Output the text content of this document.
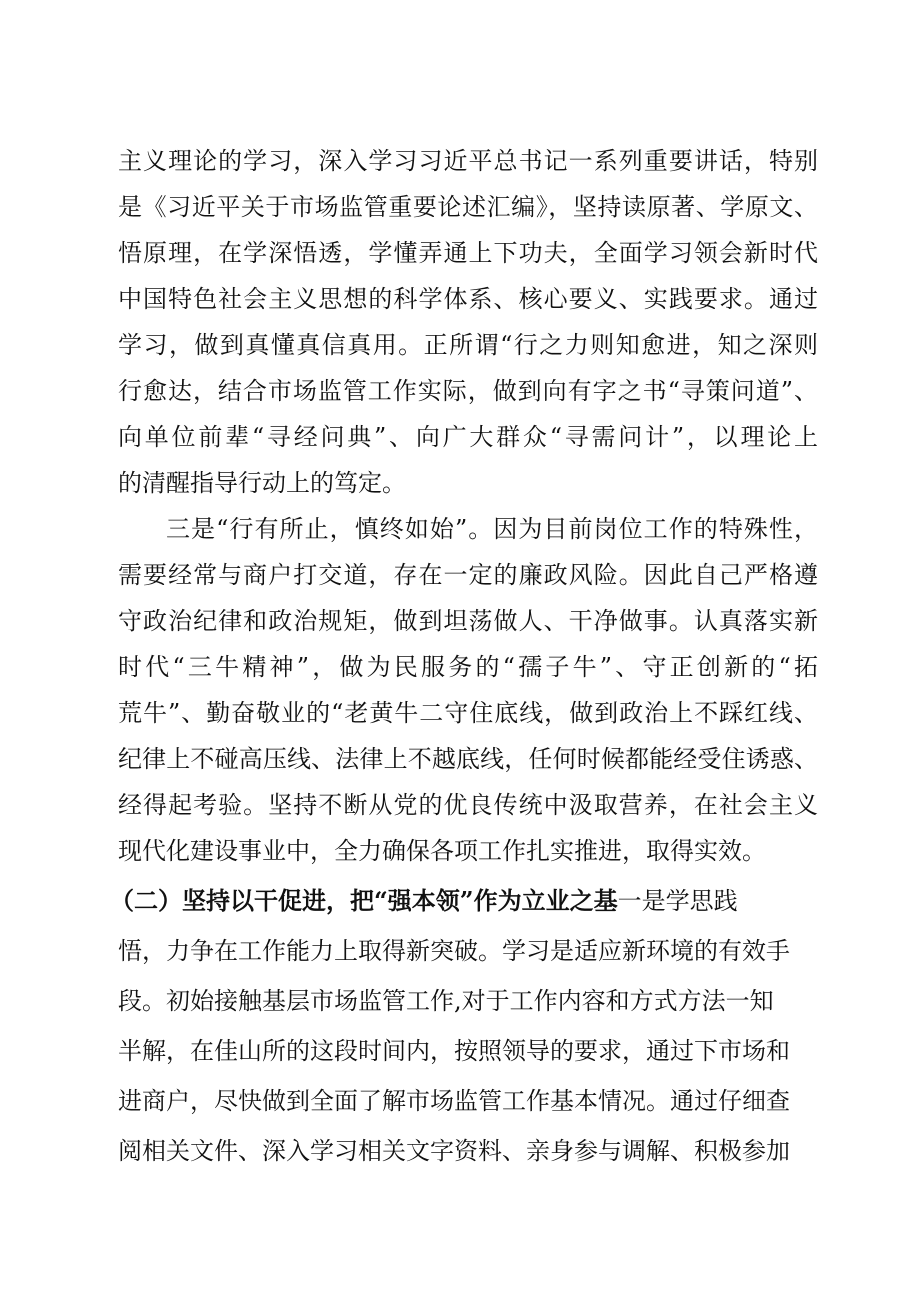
主义理论的学习，深入学习习近平总书记一系列重要讲话，特别
是《习近平关于市场监管重要论述汇编》，坚持读原著、学原文、
悟原理，在学深悟透，学懂弄通上下功夫，全面学习领会新时代
中国特色社会主义思想的科学体系、核心要义、实践要求。通过
学习，做到真懂真信真用。正所谓“行之力则知愈进，知之深则
行愈达，结合市场监管工作实际，做到向有字之书“寻策问道”、
向单位前辈“寻经问典”、向广大群众“寻需问计”，以理论上
的清醒指导行动上的笃定。
三是“行有所止，慎终如始”。因为目前岗位工作的特殊性，
需要经常与商户打交道，存在一定的廉政风险。因此自己严格遵
守政治纪律和政治规矩，做到坦荡做人、干净做事。认真落实新
时代“三牛精神”，做为民服务的“孺子牛”、守正创新的“拓
荒牛”、勤奋敬业的“老黄牛二守住底线，做到政治上不踩红线、
纪律上不碰高压线、法律上不越底线，任何时候都能经受住诱惑、
经得起考验。坚持不断从党的优良传统中汲取营养，在社会主义
现代化建设事业中，全力确保各项工作扎实推进，取得实效。
（二）坚持以干促进，把“强本领”作为立业之基一是学思践
悟，力争在工作能力上取得新突破。学习是适应新环境的有效手
段。初始接触基层市场监管工作,对于工作内容和方式方法一知
半解，在佳山所的这段时间内，按照领导的要求，通过下市场和
进商户，尽快做到全面了解市场监管工作基本情况。通过仔细查
阅相关文件、深入学习相关文字资料、亲身参与调解、积极参加
